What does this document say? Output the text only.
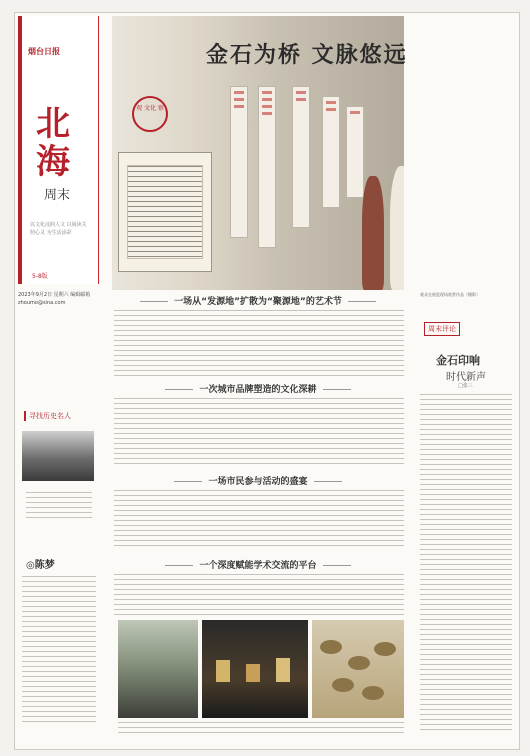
烟台日报
北
海
周末
以文化浸润人文 以阅读关照心灵 为生活添彩
5-8版
2023年9月2日 星期六 编辑邮箱 zhoumo@sina.com
寻找历史名人
◎陈梦
金石为桥 文脉悠远
观 文化 察
观众在展览现场欣赏作品（摄影）
一场从“发源地”扩散为“聚源地”的艺术节
一次城市品牌塑造的文化深耕
一场市民参与活动的盛宴
一个深度赋能学术交流的平台
周末评论
金石印响
时代新声
□张三
